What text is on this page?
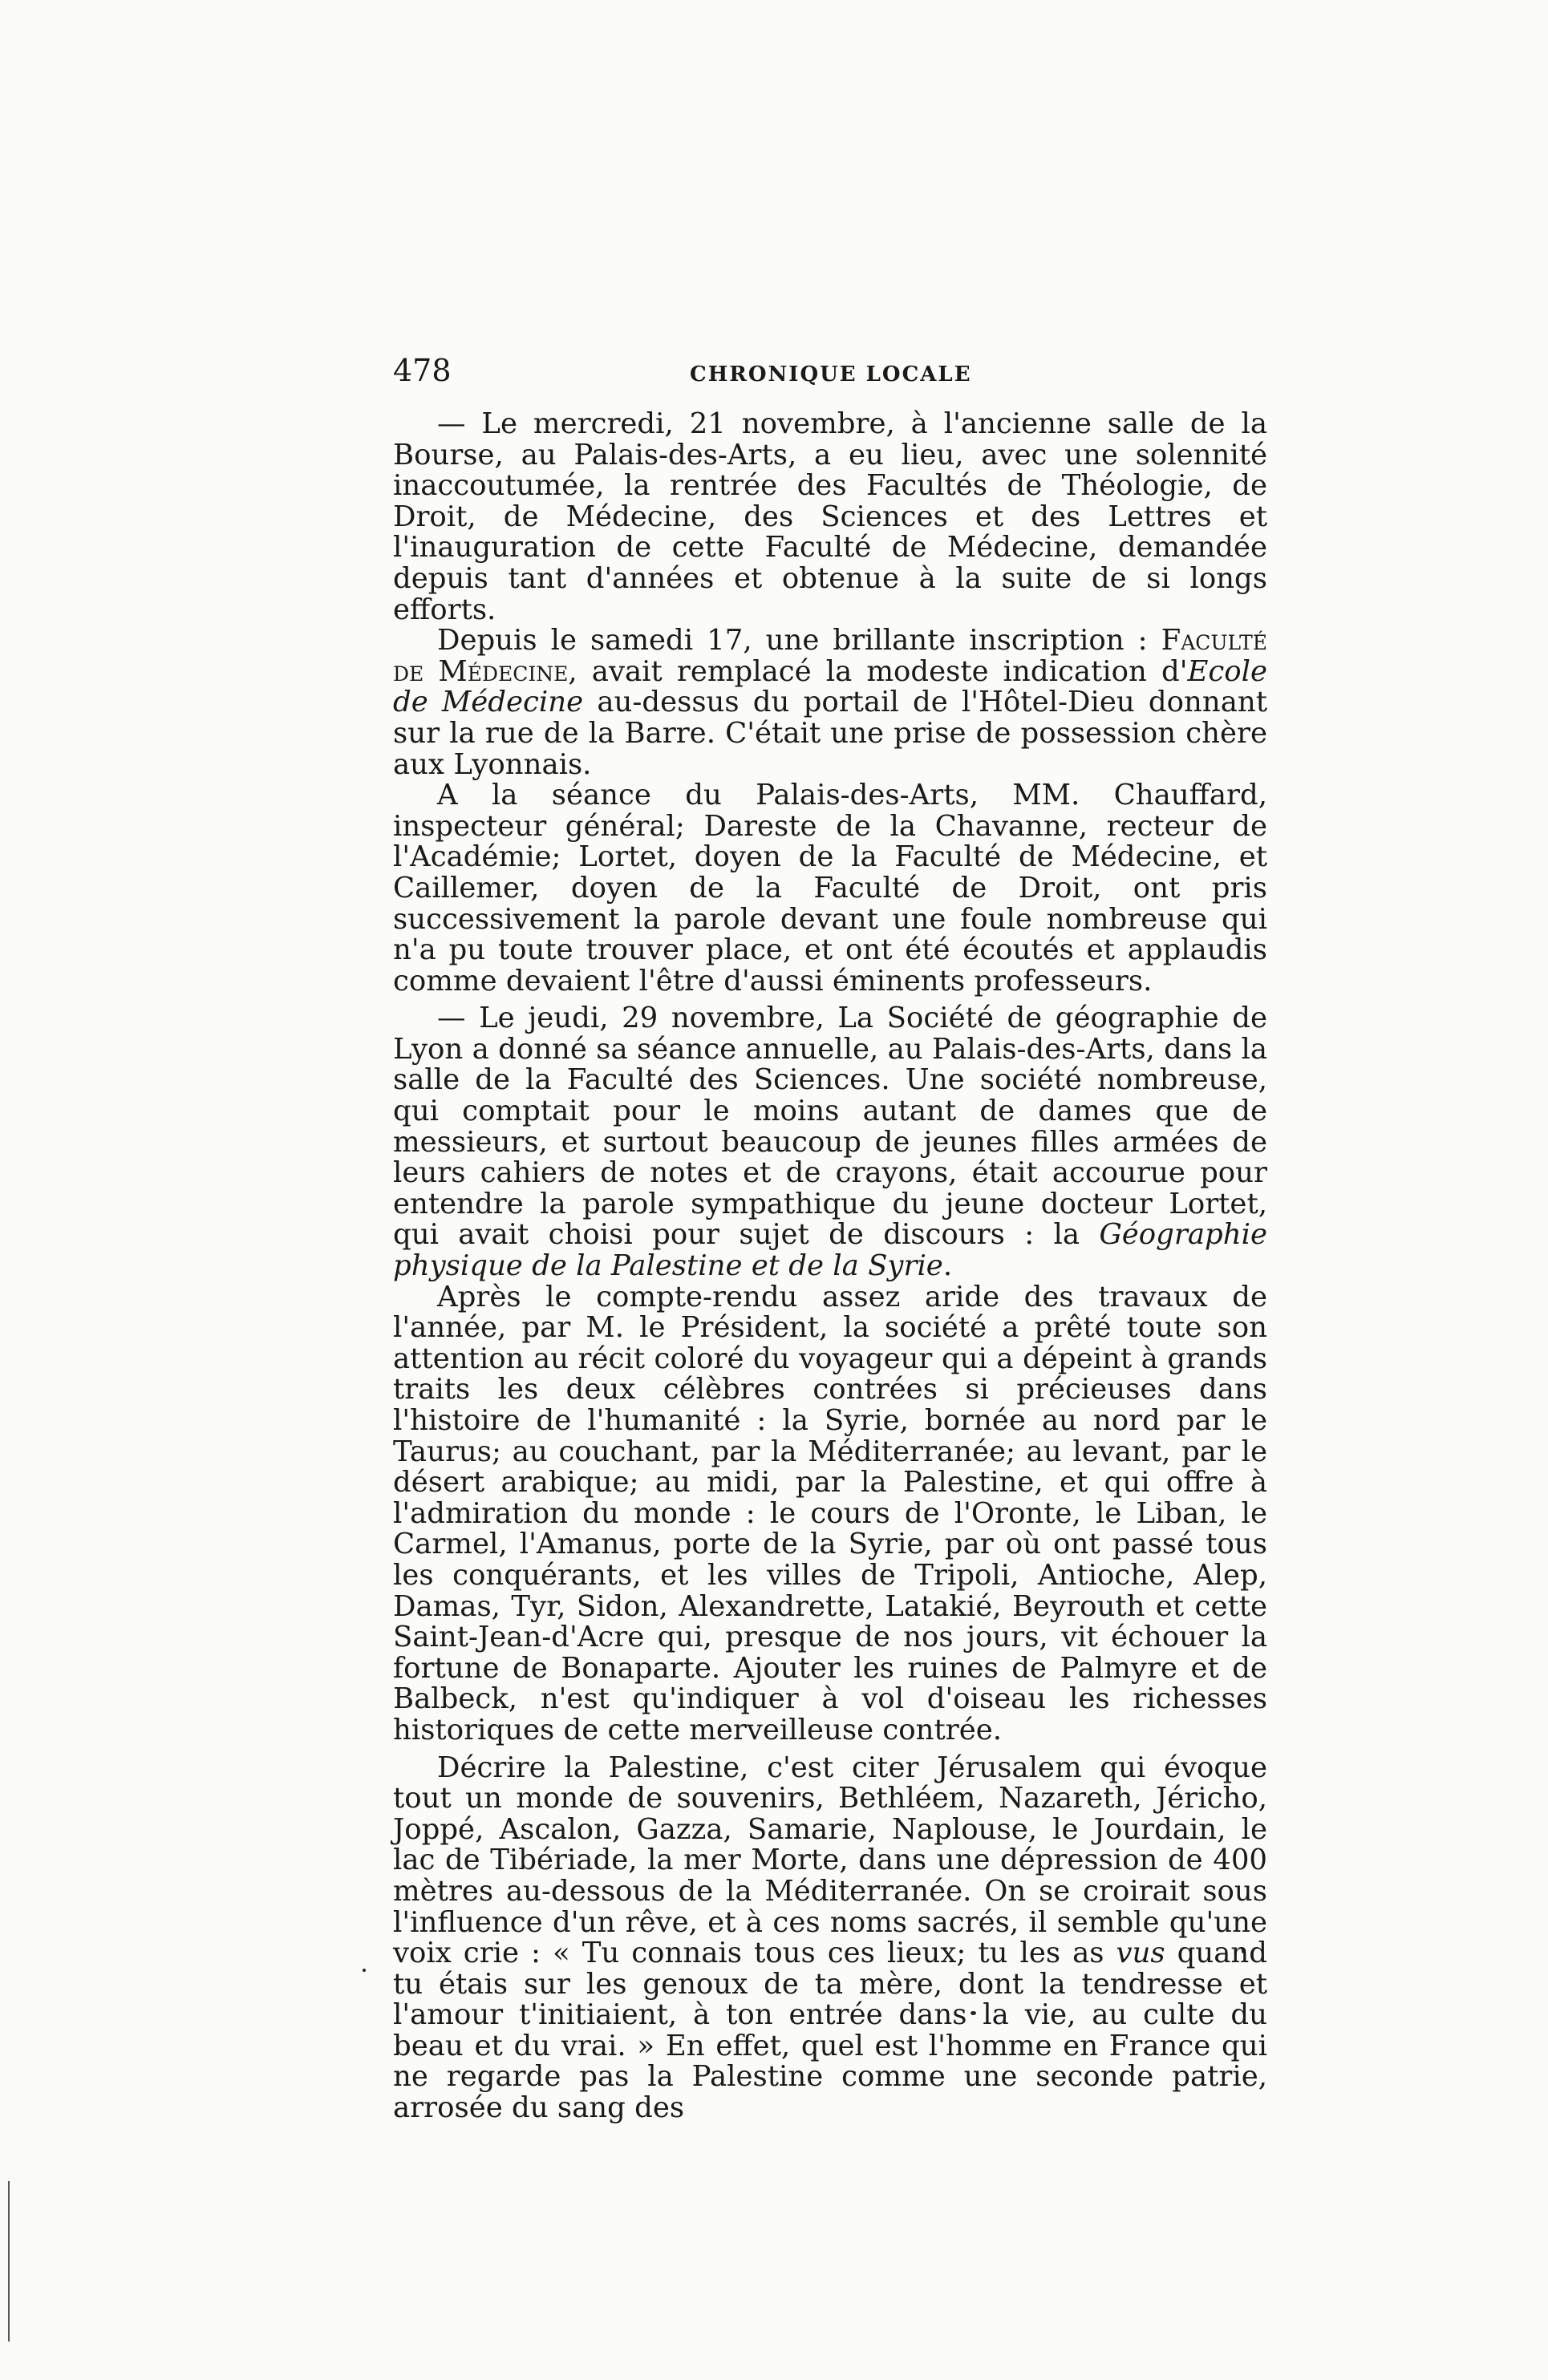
478	CHRONIQUE LOCALE

— Le mercredi, 21 novembre, à l'ancienne salle de la Bourse, au Palais-des-Arts, a eu lieu, avec une solennité inaccoutumée, la rentrée des Facultés de Théologie, de Droit, de Médecine, des Sciences et des Lettres et l'inauguration de cette Faculté de Médecine, demandée depuis tant d'années et obtenue à la suite de si longs efforts.

Depuis le samedi 17, une brillante inscription : Faculté de Médecine, avait remplacé la modeste indication d'Ecole de Médecine au-dessus du portail de l'Hôtel-Dieu donnant sur la rue de la Barre. C'était une prise de possession chère aux Lyonnais.

A la séance du Palais-des-Arts, MM. Chauffard, inspecteur général; Dareste de la Chavanne, recteur de l'Académie; Lortet, doyen de la Faculté de Médecine, et Caillemer, doyen de la Faculté de Droit, ont pris successivement la parole devant une foule nombreuse qui n'a pu toute trouver place, et ont été écoutés et applaudis comme devaient l'être d'aussi éminents professeurs.

— Le jeudi, 29 novembre, La Société de géographie de Lyon a donné sa séance annuelle, au Palais-des-Arts, dans la salle de la Faculté des Sciences. Une société nombreuse, qui comptait pour le moins autant de dames que de messieurs, et surtout beaucoup de jeunes filles armées de leurs cahiers de notes et de crayons, était accourue pour entendre la parole sympathique du jeune docteur Lortet, qui avait choisi pour sujet de discours : la Géographie physique de la Palestine et de la Syrie.

Après le compte-rendu assez aride des travaux de l'année, par M. le Président, la société a prêté toute son attention au récit coloré du voyageur qui a dépeint à grands traits les deux célèbres contrées si précieuses dans l'histoire de l'humanité : la Syrie, bornée au nord par le Taurus; au couchant, par la Méditerranée; au levant, par le désert arabique; au midi, par la Palestine, et qui offre à l'admiration du monde : le cours de l'Oronte, le Liban, le Carmel, l'Amanus, porte de la Syrie, par où ont passé tous les conquérants, et les villes de Tripoli, Antioche, Alep, Damas, Tyr, Sidon, Alexandrette, Latakié, Beyrouth et cette Saint-Jean-d'Acre qui, presque de nos jours, vit échouer la fortune de Bonaparte. Ajouter les ruines de Palmyre et de Balbeck, n'est qu'indiquer à vol d'oiseau les richesses historiques de cette merveilleuse contrée.

Décrire la Palestine, c'est citer Jérusalem qui évoque tout un monde de souvenirs, Bethléem, Nazareth, Jéricho, Joppé, Ascalon, Gazza, Samarie, Naplouse, le Jourdain, le lac de Tibériade, la mer Morte, dans une dépression de 400 mètres au-dessous de la Méditerranée. On se croirait sous l'influence d'un rêve, et à ces noms sacrés, il semble qu'une voix crie : « Tu connais tous ces lieux; tu les as vus quand tu étais sur les genoux de ta mère, dont la tendresse et l'amour t'initiaient, à ton entrée dans la vie, au culte du beau et du vrai. » En effet, quel est l'homme en France qui ne regarde pas la Palestine comme une seconde patrie, arrosée du sang des
